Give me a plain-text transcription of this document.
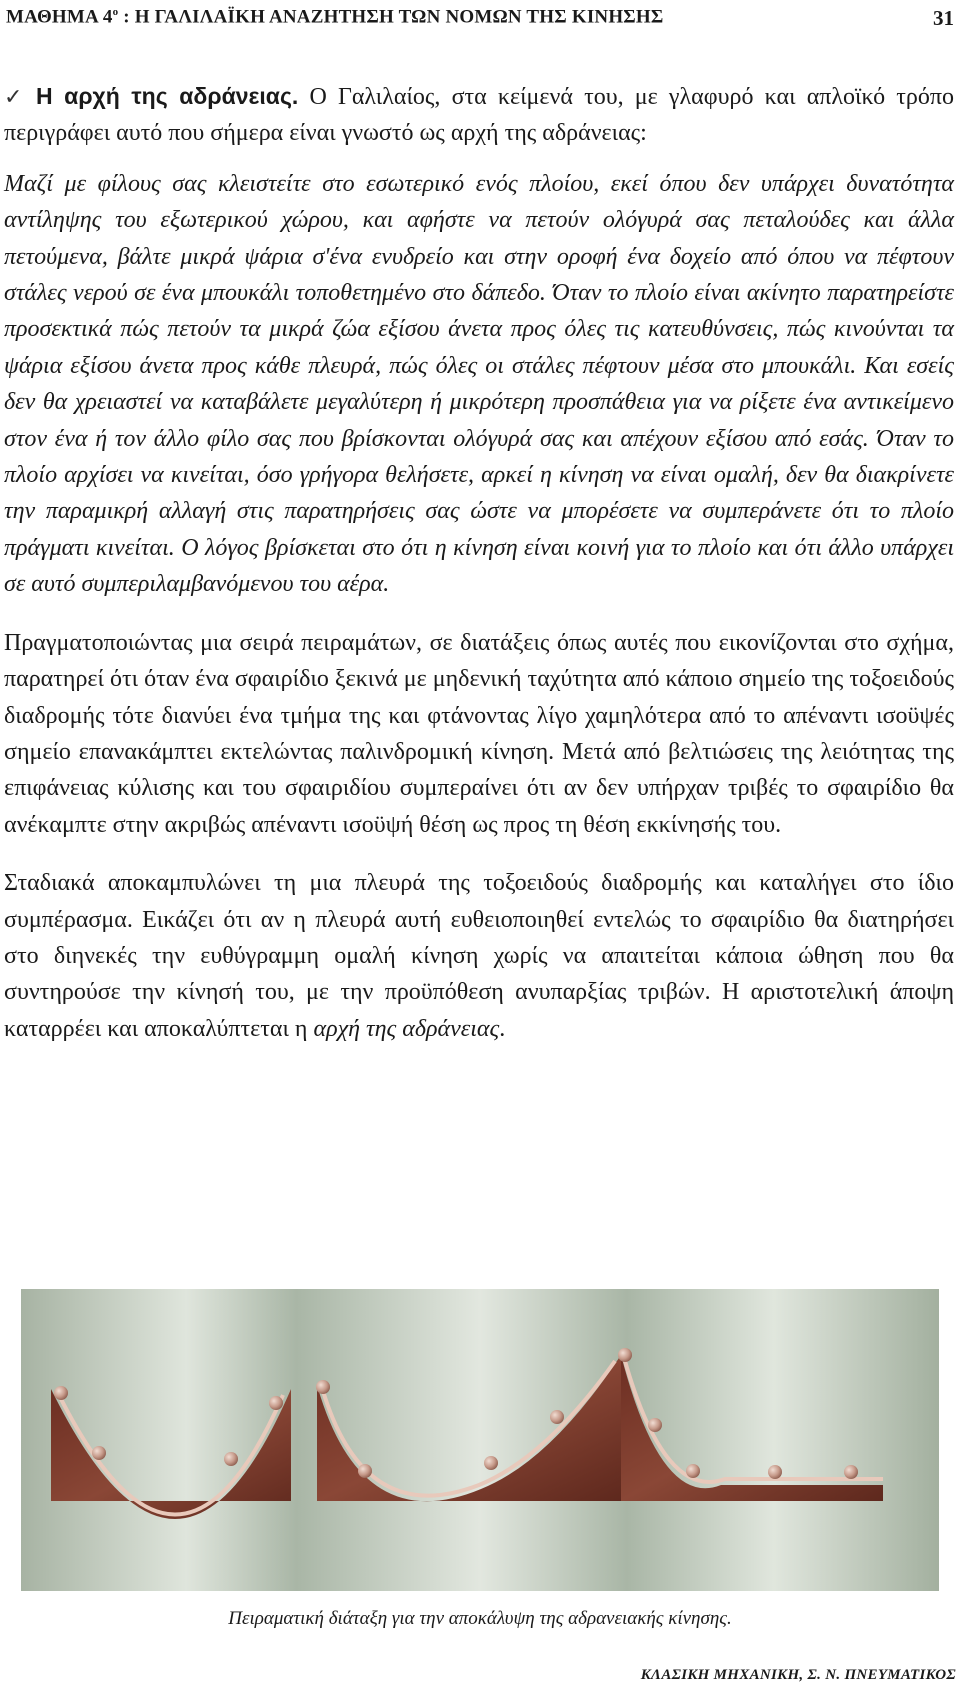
ΜΑΘΗΜΑ $4^o$ : Η ΓΑΛΙΛΑΪΚΗ ΑΝΑΖΗΤΗΣΗ ΤΩΝ ΝΟΜΩΝ ΤΗΣ ΚΙΝΗΣΗΣ	31

✓ Η αρχή της αδράνειας. Ο Γαλιλαίος, στα κείμενά του, με γλαφυρό και απλοϊκό τρόπο περιγράφει αυτό που σήμερα είναι γνωστό ως αρχή της αδράνειας:

Μαζί με φίλους σας κλειστείτε στο εσωτερικό ενός πλοίου, εκεί όπου δεν υπάρχει δυνατότητα αντίληψης του εξωτερικού χώρου, και αφήστε να πετούν ολόγυρά σας πεταλούδες και άλλα πετούμενα, βάλτε μικρά ψάρια σ'ένα ενυδρείο και στην οροφή ένα δοχείο από όπου να πέφτουν στάλες νερού σε ένα μπουκάλι τοποθετημένο στο δάπεδο. Όταν το πλοίο είναι ακίνητο παρατηρείστε προσεκτικά πώς πετούν τα μικρά ζώα εξίσου άνετα προς όλες τις κατευθύνσεις, πώς κινούνται τα ψάρια εξίσου άνετα προς κάθε πλευρά, πώς όλες οι στάλες πέφτουν μέσα στο μπουκάλι. Και εσείς δεν θα χρειαστεί να καταβάλετε μεγαλύτερη ή μικρότερη προσπάθεια για να ρίξετε ένα αντικείμενο στον ένα ή τον άλλο φίλο σας που βρίσκονται ολόγυρά σας και απέχουν εξίσου από εσάς. Όταν το πλοίο αρχίσει να κινείται, όσο γρήγορα θελήσετε, αρκεί η κίνηση να είναι ομαλή, δεν θα διακρίνετε την παραμικρή αλλαγή στις παρατηρήσεις σας ώστε να μπορέσετε να συμπεράνετε ότι το πλοίο πράγματι κινείται. Ο λόγος βρίσκεται στο ότι η κίνηση είναι κοινή για το πλοίο και ότι άλλο υπάρχει σε αυτό συμπεριλαμβανόμενου του αέρα.

Πραγματοποιώντας μια σειρά πειραμάτων, σε διατάξεις όπως αυτές που εικονίζονται στο σχήμα, παρατηρεί ότι όταν ένα σφαιρίδιο ξεκινά με μηδενική ταχύτητα από κάποιο σημείο της τοξοειδούς διαδρομής τότε διανύει ένα τμήμα της και φτάνοντας λίγο χαμηλότερα από το απέναντι ισοϋψές σημείο επανακάμπτει εκτελώντας παλινδρομική κίνηση. Μετά από βελτιώσεις της λειότητας της επιφάνειας κύλισης και του σφαιριδίου συμπεραίνει ότι αν δεν υπήρχαν τριβές το σφαιρίδιο θα ανέκαμπτε στην ακριβώς απέναντι ισοϋψή θέση ως προς τη θέση εκκίνησής του.

Σταδιακά αποκαμπυλώνει τη μια πλευρά της τοξοειδούς διαδρομής και καταλήγει στο ίδιο συμπέρασμα. Εικάζει ότι αν η πλευρά αυτή ευθειοποιηθεί εντελώς το σφαιρίδιο θα διατηρήσει στο διηνεκές την ευθύγραμμη ομαλή κίνηση χωρίς να απαιτείται κάποια ώθηση που θα συντηρούσε την κίνησή του, με την προϋπόθεση ανυπαρξίας τριβών. Η αριστοτελική άποψη καταρρέει και αποκαλύπτεται η αρχή της αδράνειας.

Πειραματική διάταξη για την αποκάλυψη της αδρανειακής κίνησης.
ΚΛΑΣΙΚΗ ΜΗΧΑΝΙΚΗ, Σ. Ν. ΠΝΕΥΜΑΤΙΚΟΣ
